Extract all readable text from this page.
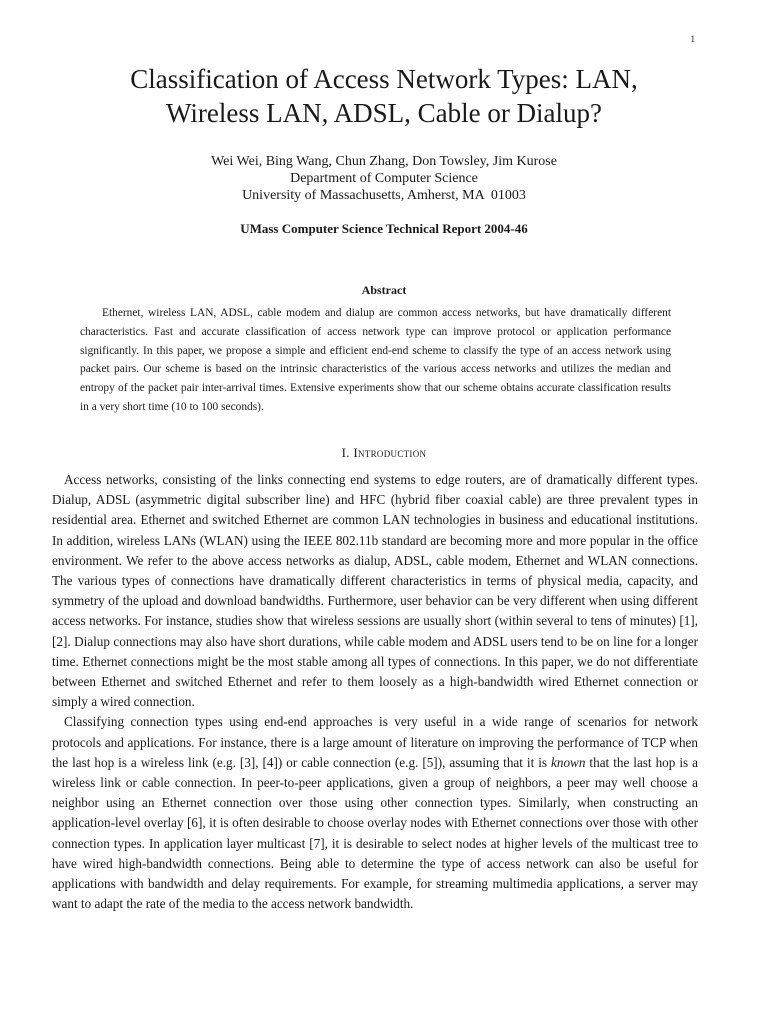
1
Classification of Access Network Types: LAN,
Wireless LAN, ADSL, Cable or Dialup?
Wei Wei, Bing Wang, Chun Zhang, Don Towsley, Jim Kurose
Department of Computer Science
University of Massachusetts, Amherst, MA  01003
UMass Computer Science Technical Report 2004-46
Abstract

Ethernet, wireless LAN, ADSL, cable modem and dialup are common access networks, but have dramatically different characteristics. Fast and accurate classification of access network type can improve protocol or application performance significantly. In this paper, we propose a simple and efficient end-end scheme to classify the type of an access network using packet pairs. Our scheme is based on the intrinsic characteristics of the various access networks and utilizes the median and entropy of the packet pair inter-arrival times. Extensive experiments show that our scheme obtains accurate classification results in a very short time (10 to 100 seconds).

I. Introduction

Access networks, consisting of the links connecting end systems to edge routers, are of dramatically different types. Dialup, ADSL (asymmetric digital subscriber line) and HFC (hybrid fiber coaxial cable) are three prevalent types in residential area. Ethernet and switched Ethernet are common LAN technologies in business and educational institutions. In addition, wireless LANs (WLAN) using the IEEE 802.11b standard are becoming more and more popular in the office environment. We refer to the above access networks as dialup, ADSL, cable modem, Ethernet and WLAN connections. The various types of connections have dramatically different characteristics in terms of physical media, capacity, and symmetry of the upload and download bandwidths. Furthermore, user behavior can be very different when using different access networks. For instance, studies show that wireless sessions are usually short (within several to tens of minutes) [1], [2]. Dialup connections may also have short durations, while cable modem and ADSL users tend to be on line for a longer time. Ethernet connections might be the most stable among all types of connections. In this paper, we do not differentiate between Ethernet and switched Ethernet and refer to them loosely as a high-bandwidth wired Ethernet connection or simply a wired connection.

Classifying connection types using end-end approaches is very useful in a wide range of scenarios for network protocols and applications. For instance, there is a large amount of literature on improving the performance of TCP when the last hop is a wireless link (e.g. [3], [4]) or cable connection (e.g. [5]), assuming that it is known that the last hop is a wireless link or cable connection. In peer-to-peer applications, given a group of neighbors, a peer may well choose a neighbor using an Ethernet connection over those using other connection types. Similarly, when constructing an application-level overlay [6], it is often desirable to choose overlay nodes with Ethernet connections over those with other connection types. In application layer multicast [7], it is desirable to select nodes at higher levels of the multicast tree to have wired high-bandwidth connections. Being able to determine the type of access network can also be useful for applications with bandwidth and delay requirements. For example, for streaming multimedia applications, a server may want to adapt the rate of the media to the access network bandwidth.
